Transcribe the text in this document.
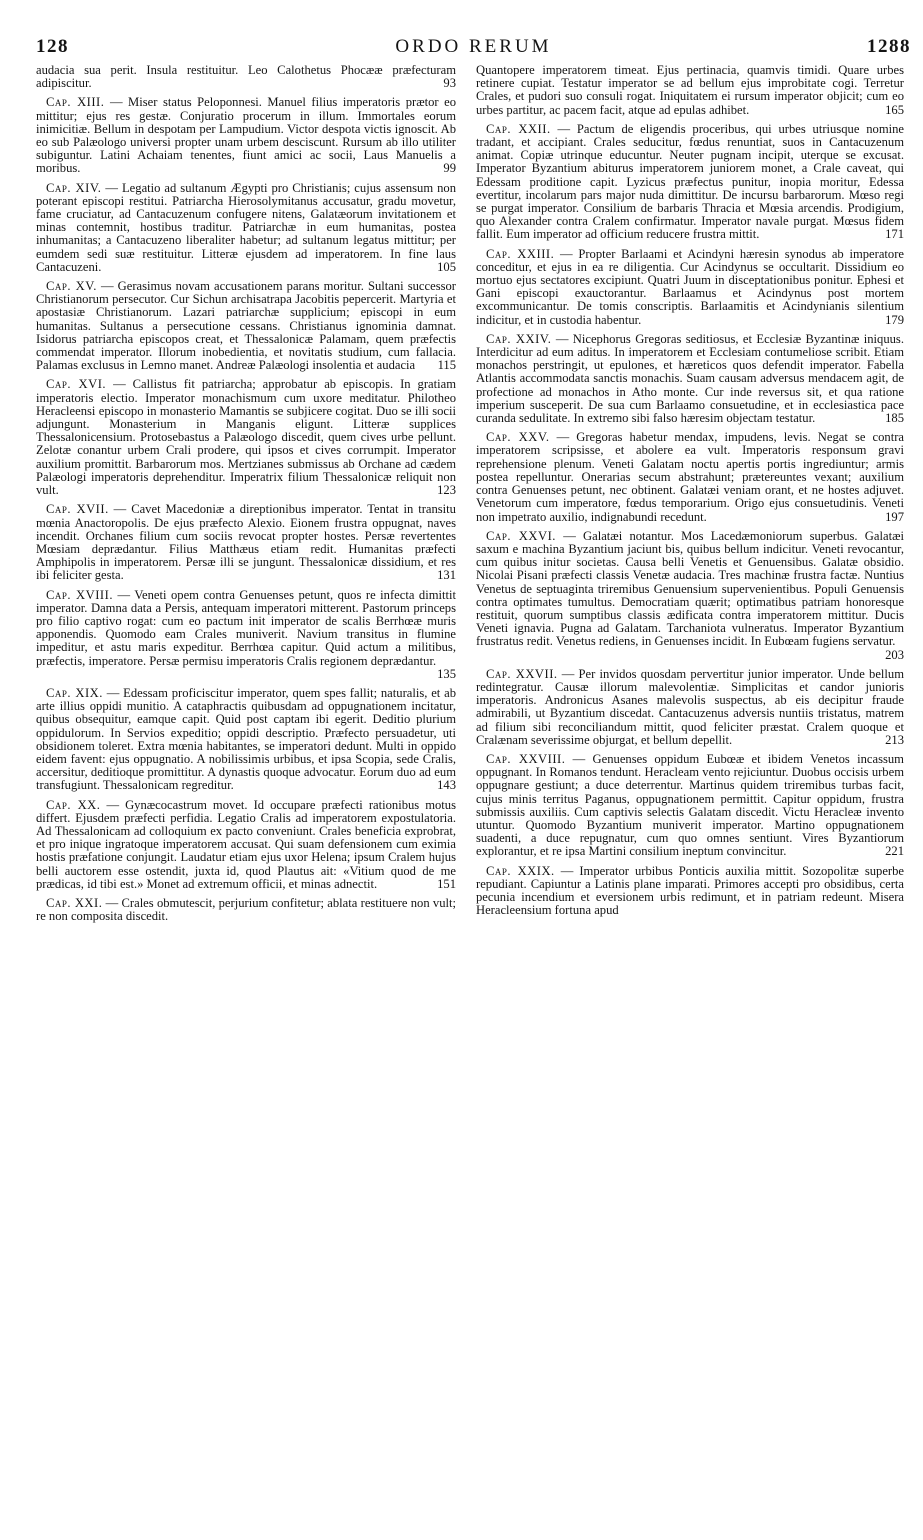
128	ORDO RERUM	1288

audacia sua perit. Insula restituitur. Leo Calothetus Phocææ præfecturam adipiscitur.	93

Cap. XIII. — Miser status Peloponnesi. Manuel filius imperatoris prætor eo mittitur; ejus res gestæ. Conjuratio procerum in illum. Immortales eorum inimicitiæ. Bellum in despotam per Lampudium. Victor despota victis ignoscit. Ab eo sub Palæologo universi propter unam urbem desciscunt. Rursum ab illo utiliter subiguntur. Latini Achaiam tenentes, fiunt amici ac socii, Laus Manuelis a moribus.	99

Cap. XIV. — Legatio ad sultanum Ægypti pro Christianis; cujus assensum non poterant episcopi restitui. Patriarcha Hierosolymitanus accusatur, gradu movetur, fame cruciatur, ad Cantacuzenum confugere nitens, Galatæorum invitationem et minas contemnit, hostibus traditur. Patriarchæ in eum humanitas, postea inhumanitas; a Cantacuzeno liberaliter habetur; ad sultanum legatus mittitur; per eumdem sedi suæ restituitur. Litteræ ejusdem ad imperatorem. In fine laus Cantacuzeni.	105

Cap. XV. — Gerasimus novam accusationem parans moritur. Sultani successor Christianorum persecutor. Cur Sichun archisatrapa Jacobitis pepercerit. Martyria et apostasiæ Christianorum. Lazari patriarchæ supplicium; episcopi in eum humanitas. Sultanus a persecutione cessans. Christianus ignominia damnat. Isidorus patriarcha episcopos creat, et Thessalonicæ Palamam, quem præfectis commendat imperator. Illorum inobedientia, et novitatis studium, cum fallacia. Palamas exclusus in Lemno manet. Andreæ Palæologi insolentia et audacia	115

Cap. XVI. — Callistus fit patriarcha; approbatur ab episcopis. In gratiam imperatoris electio. Imperator monachismum cum uxore meditatur. Philotheo Heracleensi episcopo in monasterio Mamantis se subjicere cogitat. Duo se illi socii adjungunt. Monasterium in Manganis eligunt. Litteræ supplices Thessalonicensium. Protosebastus a Palæologo discedit, quem cives urbe pellunt. Zelotæ conantur urbem Crali prodere, qui ipsos et cives corrumpit. Imperator auxilium promittit. Barbarorum mos. Mertzianes submissus ab Orchane ad cædem Palæologi imperatoris deprehenditur. Imperatrix filium Thessalonicæ reliquit non vult.	123

Cap. XVII. — Cavet Macedoniæ a direptionibus imperator. Tentat in transitu mœnia Anactoropolis. De ejus præfecto Alexio. Eionem frustra oppugnat, naves incendit. Orchanes filium cum sociis revocat propter hostes. Persæ revertentes Mœsiam deprædantur. Filius Matthæus etiam redit. Humanitas præfecti Amphipolis in imperatorem. Persæ illi se jungunt. Thessalonicæ dissidium, et res ibi feliciter gesta.	131

Cap. XVIII. — Veneti opem contra Genuenses petunt, quos re infecta dimittit imperator. Damna data a Persis, antequam imperatori mitterent. Pastorum princeps pro filio captivo rogat: cum eo pactum init imperator de scalis Berrhœæ muris apponendis. Quomodo eam Crales muniverit. Navium transitus in flumine impeditur, et astu maris expeditur. Berrhœa capitur. Quid actum a militibus, præfectis, imperatore. Persæ permisu imperatoris Cralis regionem deprædantur.
135

Cap. XIX. — Edessam proficiscitur imperator, quem spes fallit; naturalis, et ab arte illius oppidi munitio. A cataphractis quibusdam ad oppugnationem incitatur, quibus obsequitur, eamque capit. Quid post captam ibi egerit. Deditio plurium oppidulorum. In Servios expeditio; oppidi descriptio. Præfecto persuadetur, uti obsidionem toleret. Extra mœnia habitantes, se imperatori dedunt. Multi in oppido eidem favent: ejus oppugnatio. A nobilissimis urbibus, et ipsa Scopia, sede Cralis, accersitur, deditioque promittitur. A dynastis quoque advocatur. Eorum duo ad eum transfugiunt. Thessalonicam regreditur.	143

Cap. XX. — Gynæcocastrum movet. Id occupare præfecti rationibus motus differt. Ejusdem præfecti perfidia. Legatio Cralis ad imperatorem expostulatoria. Ad Thessalonicam ad colloquium ex pacto conveniunt. Crales beneficia exprobrat, et pro inique ingratoque imperatorem accusat. Qui suam defensionem cum eximia hostis præfatione conjungit. Laudatur etiam ejus uxor Helena; ipsum Cralem hujus belli auctorem esse ostendit, juxta id, quod Plautus ait: «Vitium quod de me prædicas, id tibi est.» Monet ad extremum officii, et minas adnectit.	151

Cap. XXI. — Crales obmutescit, perjurium confitetur; ablata restituere non vult; re non composita discedit.

Quantopere imperatorem timeat. Ejus pertinacia, quamvis timidi. Quare urbes retinere cupiat. Testatur imperator se ad bellum ejus improbitate cogi. Terretur Crales, et pudori suo consuli rogat. Iniquitatem ei rursum imperator objicit; cum eo urbes partitur, ac pacem facit, atque ad epulas adhibet.	165

Cap. XXII. — Pactum de eligendis proceribus, qui urbes utriusque nomine tradant, et accipiant. Crales seducitur, fœdus renuntiat, suos in Cantacuzenum animat. Copiæ utrinque educuntur. Neuter pugnam incipit, uterque se excusat. Imperator Byzantium abiturus imperatorem juniorem monet, a Crale caveat, qui Edessam proditione capit. Lyzicus præfectus punitur, inopia moritur, Edessa evertitur, incolarum pars major nuda dimittitur. De incursu barbarorum. Mœso regi se purgat imperator. Consilium de barbaris Thracia et Mœsia arcendis. Prodigium, quo Alexander contra Cralem confirmatur. Imperator navale purgat. Mœsus fidem fallit. Eum imperator ad officium reducere frustra mittit.	171

Cap. XXIII. — Propter Barlaami et Acindyni hæresin synodus ab imperatore conceditur, et ejus in ea re diligentia. Cur Acindynus se occultarit. Dissidium eo mortuo ejus sectatores excipiunt. Quatri Juum in disceptationibus ponitur. Ephesi et Gani episcopi exauctorantur. Barlaamus et Acindynus post mortem excommunicantur. De tomis conscriptis. Barlaamitis et Acindynianis silentium indicitur, et in custodia habentur.	179

Cap. XXIV. — Nicephorus Gregoras seditiosus, et Ecclesiæ Byzantinæ iniquus. Interdicitur ad eum aditus. In imperatorem et Ecclesiam contumeliose scribit. Etiam monachos perstringit, ut epulones, et hæreticos quos defendit imperator. Fabella Atlantis accommodata sanctis monachis. Suam causam adversus mendacem agit, de profectione ad monachos in Atho monte. Cur inde reversus sit, et qua ratione imperium susceperit. De sua cum Barlaamo consuetudine, et in ecclesiastica pace curanda sedulitate. In extremo sibi falso hæresim objectam testatur.	185

Cap. XXV. — Gregoras habetur mendax, impudens, levis. Negat se contra imperatorem scripsisse, et abolere ea vult. Imperatoris responsum gravi reprehensione plenum. Veneti Galatam noctu apertis portis ingrediuntur; armis postea repelluntur. Onerarias secum abstrahunt; prætereuntes vexant; auxilium contra Genuenses petunt, nec obtinent. Galatæi veniam orant, et ne hostes adjuvet. Venetorum cum imperatore, fœdus temporarium. Origo ejus consuetudinis. Veneti non impetrato auxilio, indignabundi recedunt.	197

Cap. XXVI. — Galatæi notantur. Mos Lacedæmoniorum superbus. Galatæi saxum e machina Byzantium jaciunt bis, quibus bellum indicitur. Veneti revocantur, cum quibus initur societas. Causa belli Venetis et Genuensibus. Galatæ obsidio. Nicolai Pisani præfecti classis Venetæ audacia. Tres machinæ frustra factæ. Nuntius Venetus de septuaginta triremibus Genuensium supervenientibus. Populi Genuensis contra optimates tumultus. Democratiam quærit; optimatibus patriam honoresque restituit, quorum sumptibus classis ædificata contra imperatorem mittitur. Ducis Veneti ignavia. Pugna ad Galatam. Tarchaniota vulneratus. Imperator Byzantium frustratus redit. Venetus rediens, in Genuenses incidit. In Eubœam fugiens servatur.
203

Cap. XXVII. — Per invidos quosdam pervertitur junior imperator. Unde bellum redintegratur. Causæ illorum malevolentiæ. Simplicitas et candor junioris imperatoris. Andronicus Asanes malevolis suspectus, ab eis decipitur fraude admirabili, ut Byzantium discedat. Cantacuzenus adversis nuntiis tristatus, matrem ad filium sibi reconciliandum mittit, quod feliciter præstat. Cralem quoque et Cralænam severissime objurgat, et bellum depellit.	213

Cap. XXVIII. — Genuenses oppidum Eubœæ et ibidem Venetos incassum oppugnant. In Romanos tendunt. Heracleam vento rejiciuntur. Duobus occisis urbem oppugnare gestiunt; a duce deterrentur. Martinus quidem triremibus turbas facit, cujus minis territus Paganus, oppugnationem permittit. Capitur oppidum, frustra submissis auxiliis. Cum captivis selectis Galatam discedit. Victu Heracleæ invento utuntur. Quomodo Byzantium muniverit imperator. Martino oppugnationem suadenti, a duce repugnatur, cum quo omnes sentiunt. Vires Byzantiorum explorantur, et re ipsa Martini consilium ineptum convincitur.	221

Cap. XXIX. — Imperator urbibus Ponticis auxilia mittit. Sozopolitæ superbe repudiant. Capiuntur a Latinis plane imparati. Primores accepti pro obsidibus, certa pecunia incendium et eversionem urbis redimunt, et in patriam redeunt. Misera Heracleensium fortuna apud
